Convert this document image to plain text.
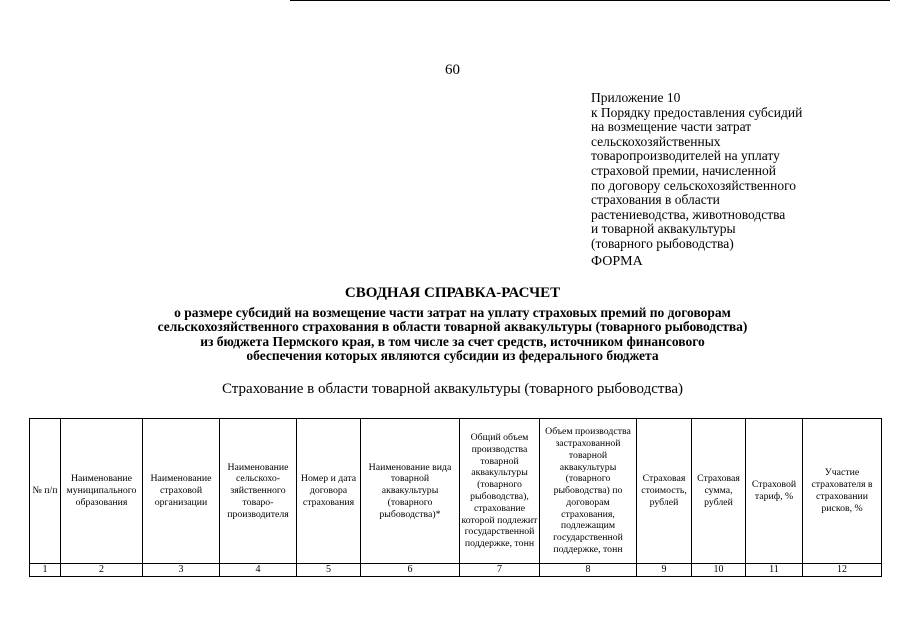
60
Приложение 10
к Порядку предоставления субсидий
на возмещение части затрат
сельскохозяйственных
товаропроизводителей на уплату
страховой премии, начисленной
по договору сельскохозяйственного
страхования в области
растениеводства, животноводства
и товарной аквакультуры
(товарного рыбоводства)
ФОРМА
СВОДНАЯ СПРАВКА-РАСЧЕТ
о размере субсидий на возмещение части затрат на уплату страховых премий по договорам
сельскохозяйственного страхования в области товарной аквакультуры (товарного рыбоводства)
из бюджета Пермского края, в том числе за счет средств, источником финансового
обеспечения которых являются субсидии из федерального бюджета
Страхование в области товарной аквакультуры (товарного рыбоводства)
№ п/п	Наименование муниципального образования	Наименование страховой организации	Наименование сельскохо-зяйственного товаро-производителя	Номер и дата договора страхования	Наименование вида товарной аквакультуры (товарного рыбоводства)*	Общий объем производства товарной аквакультуры (товарного рыбоводства), страхование которой подлежит государственной поддержке, тонн	Объем производства застрахованной товарной аквакультуры (товарного рыбоводства) по договорам страхования, подлежащим государственной поддержке, тонн	Страховая стоимость, рублей	Страховая сумма, рублей	Страховой тариф, %	Участие страхователя в страховании рисков, %
1	2	3	4	5	6	7	8	9	10	11	12
